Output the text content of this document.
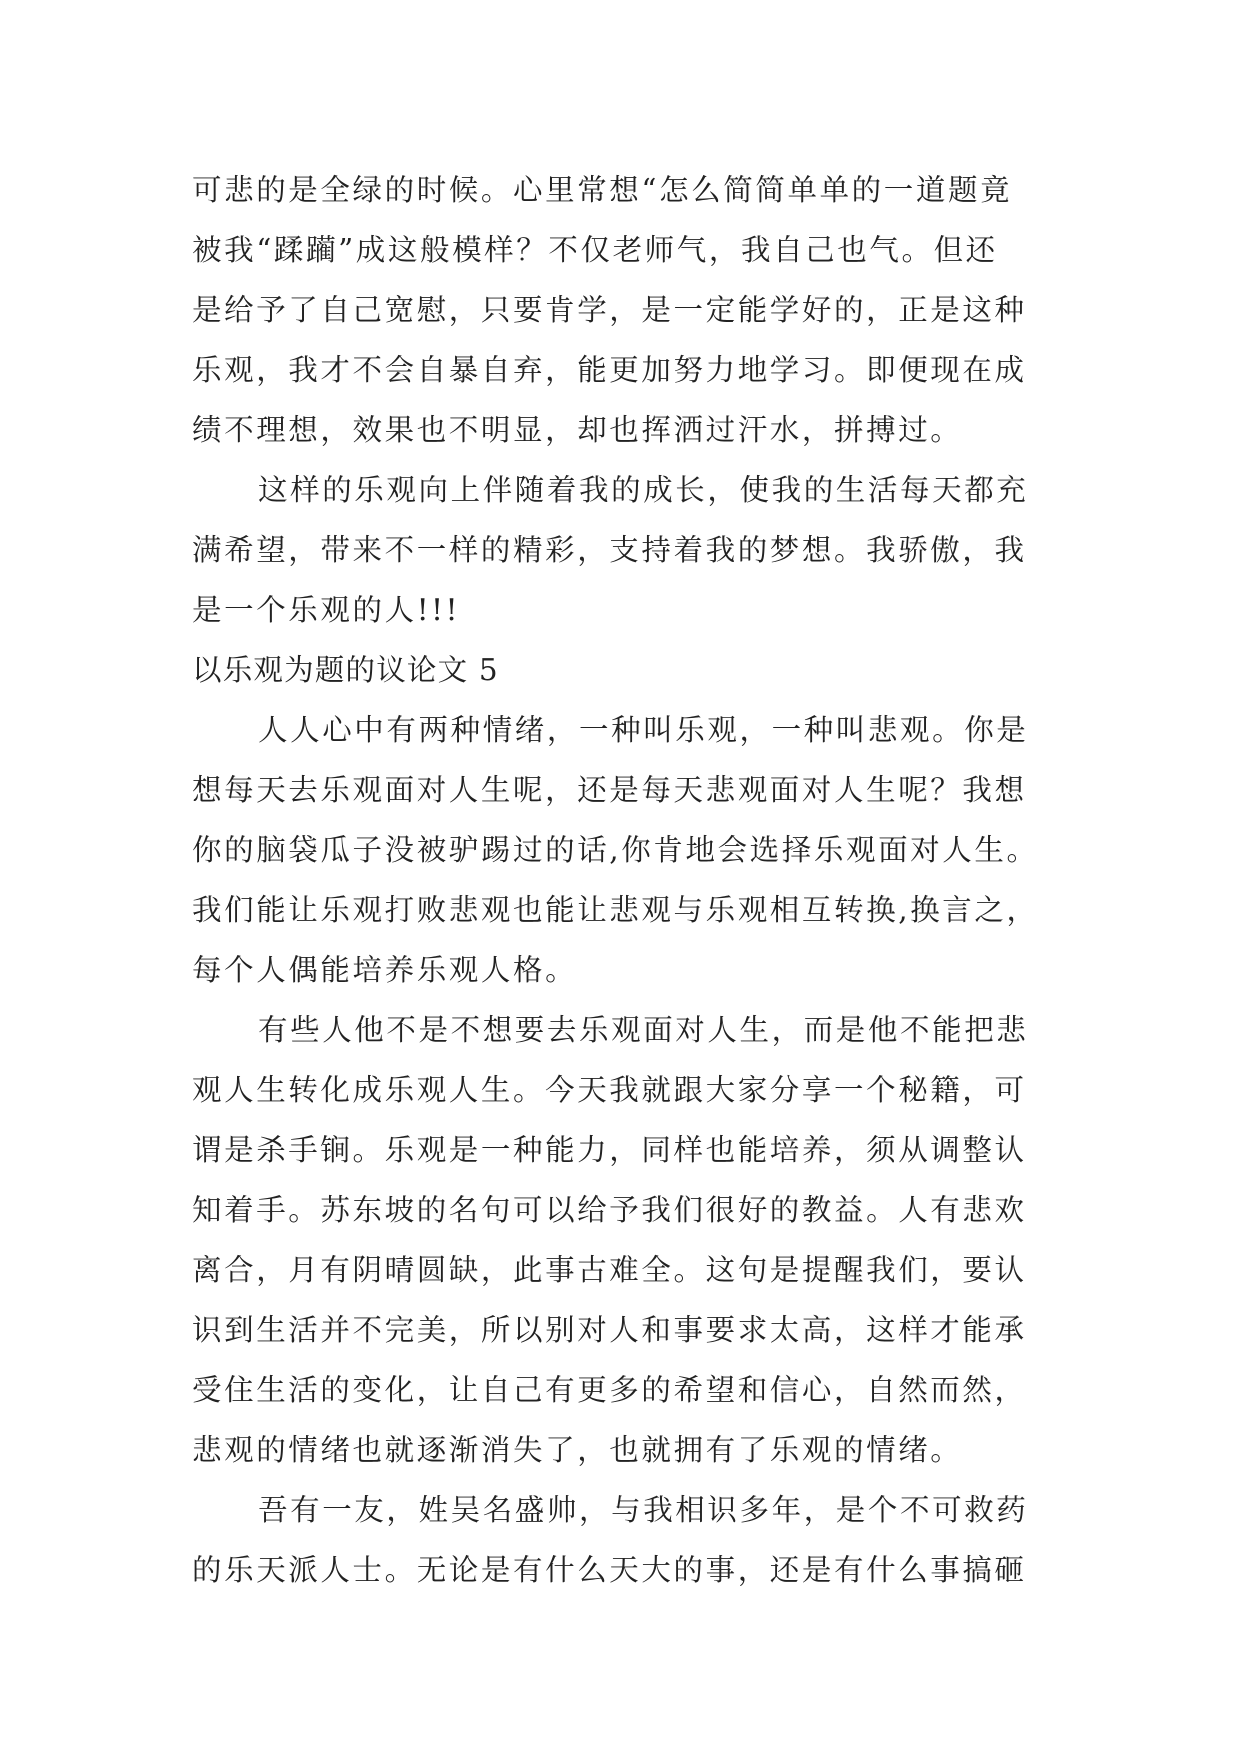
可悲的是全绿的时候。心里常想“怎么简简单单的一道题竟
被我“蹂躏”成这般模样？不仅老师气，我自己也气。但还
是给予了自己宽慰，只要肯学，是一定能学好的，正是这种
乐观，我才不会自暴自弃，能更加努力地学习。即便现在成
绩不理想，效果也不明显，却也挥洒过汗水，拼搏过。
这样的乐观向上伴随着我的成长，使我的生活每天都充
满希望，带来不一样的精彩，支持着我的梦想。我骄傲，我
是一个乐观的人!!!
以乐观为题的议论文 5
人人心中有两种情绪，一种叫乐观，一种叫悲观。你是
想每天去乐观面对人生呢，还是每天悲观面对人生呢？我想
你的脑袋瓜子没被驴踢过的话,你肯地会选择乐观面对人生。
我们能让乐观打败悲观也能让悲观与乐观相互转换,换言之，
每个人偶能培养乐观人格。
有些人他不是不想要去乐观面对人生，而是他不能把悲
观人生转化成乐观人生。今天我就跟大家分享一个秘籍，可
谓是杀手锏。乐观是一种能力，同样也能培养，须从调整认
知着手。苏东坡的名句可以给予我们很好的教益。人有悲欢
离合，月有阴晴圆缺，此事古难全。这句是提醒我们，要认
识到生活并不完美，所以别对人和事要求太高，这样才能承
受住生活的变化，让自己有更多的希望和信心，自然而然，
悲观的情绪也就逐渐消失了，也就拥有了乐观的情绪。
吾有一友，姓吴名盛帅，与我相识多年，是个不可救药
的乐天派人士。无论是有什么天大的事，还是有什么事搞砸
